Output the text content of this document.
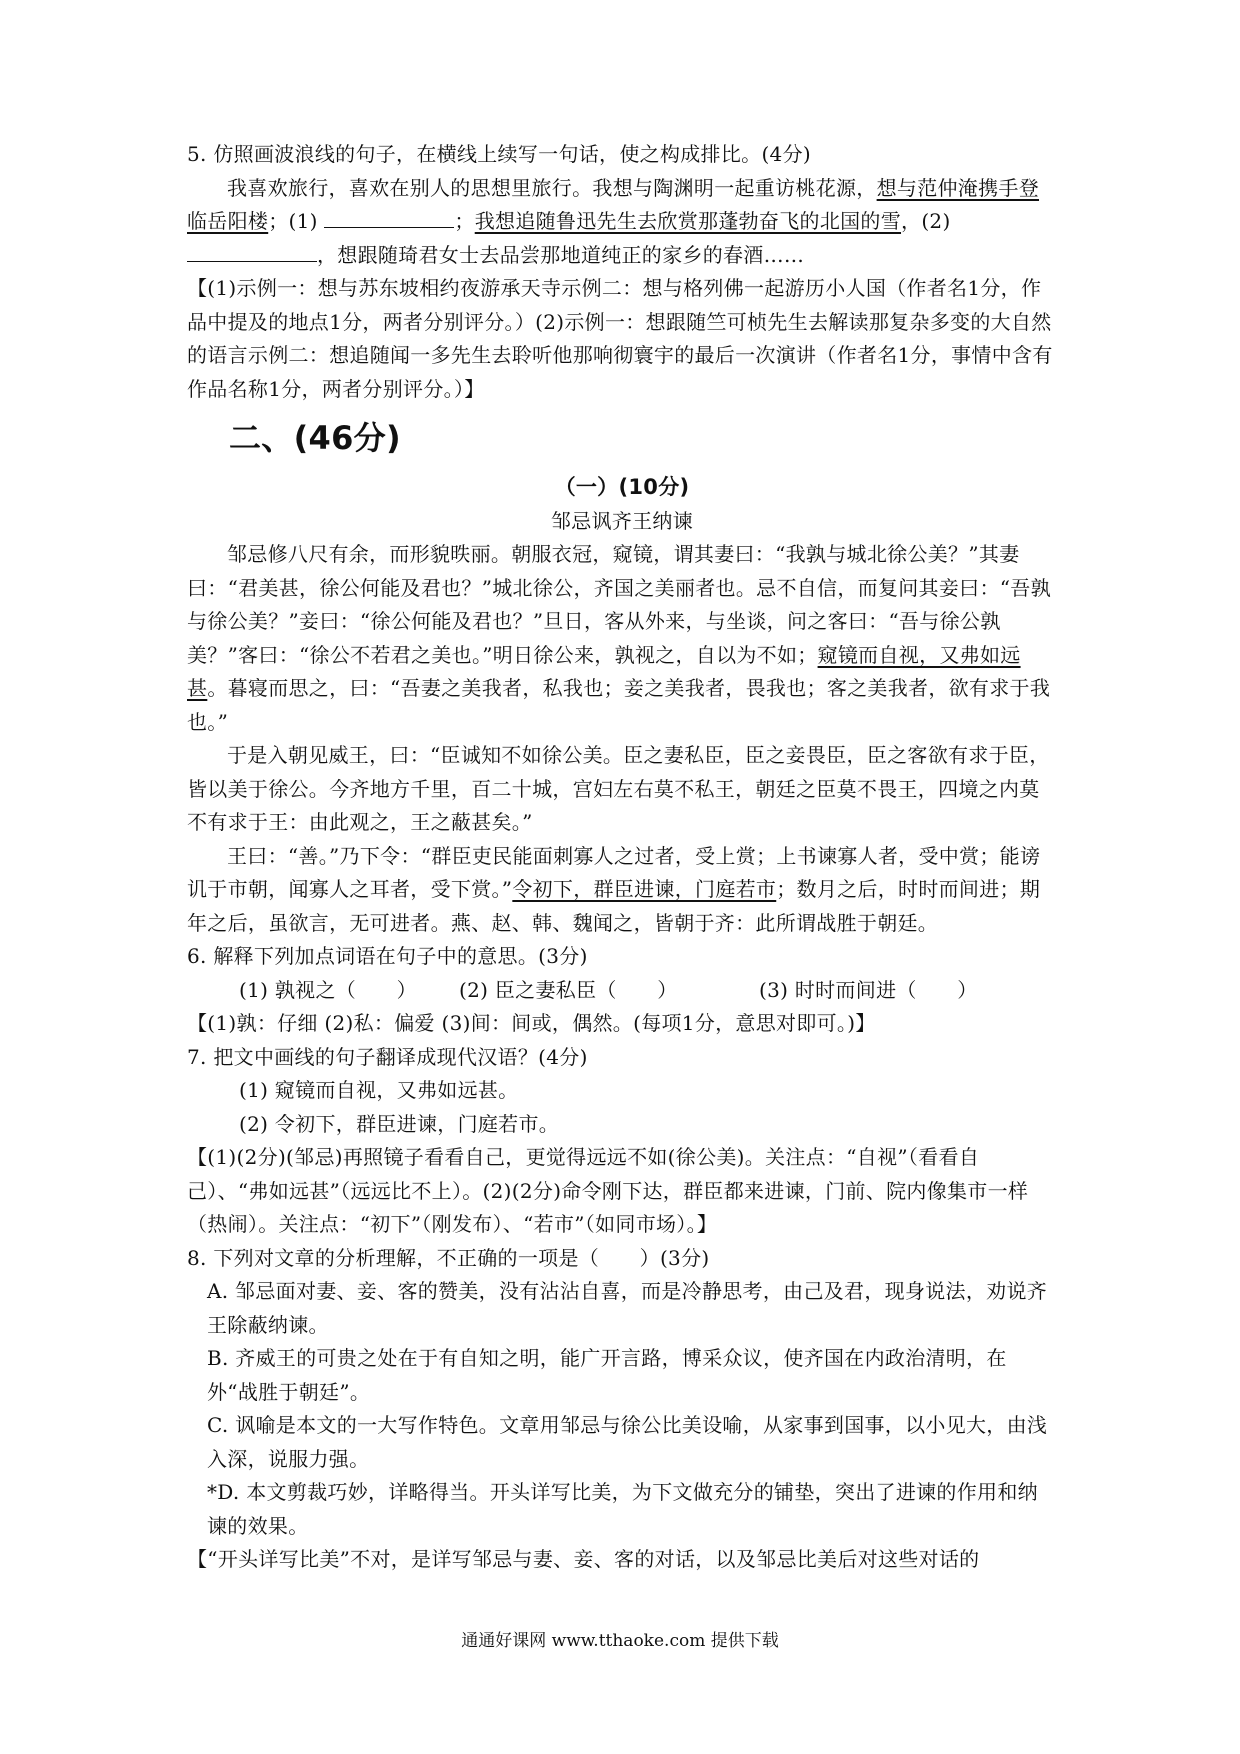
5. 仿照画波浪线的句子，在横线上续写一句话，使之构成排比。(4分)

我喜欢旅行，喜欢在别人的思想里旅行。我想与陶渊明一起重访桃花源，想与范仲淹携手登临岳阳楼；(1)	；我想追随鲁迅先生去欣赏那蓬勃奋飞的北国的雪，(2)
，想跟随琦君女士去品尝那地道纯正的家乡的春酒……

【(1)示例一：想与苏东坡相约夜游承天寺示例二：想与格列佛一起游历小人国（作者名1分，作品中提及的地点1分，两者分别评分。）(2)示例一：想跟随竺可桢先生去解读那复杂多变的大自然的语言示例二：想追随闻一多先生去聆听他那响彻寰宇的最后一次演讲（作者名1分，事情中含有作品名称1分，两者分别评分。）】

二、(46分)
（一）(10分)
邹忌讽齐王纳谏

邹忌修八尺有余，而形貌昳丽。朝服衣冠，窥镜，谓其妻曰：“我孰与城北徐公美？”其妻曰：“君美甚，徐公何能及君也？”城北徐公，齐国之美丽者也。忌不自信，而复问其妾曰：“吾孰与徐公美？”妾曰：“徐公何能及君也？”旦日，客从外来，与坐谈，问之客曰：“吾与徐公孰美？”客曰：“徐公不若君之美也。”明日徐公来，孰视之，自以为不如；窥镜而自视，又弗如远甚。暮寝而思之，曰：“吾妻之美我者，私我也；妾之美我者，畏我也；客之美我者，欲有求于我也。”

于是入朝见威王，曰：“臣诚知不如徐公美。臣之妻私臣，臣之妾畏臣，臣之客欲有求于臣，皆以美于徐公。今齐地方千里，百二十城，宫妇左右莫不私王，朝廷之臣莫不畏王，四境之内莫不有求于王：由此观之，王之蔽甚矣。”

王曰：“善。”乃下令：“群臣吏民能面刺寡人之过者，受上赏；上书谏寡人者，受中赏；能谤讥于市朝，闻寡人之耳者，受下赏。”令初下，群臣进谏，门庭若市；数月之后，时时而间进；期年之后，虽欲言，无可进者。燕、赵、韩、魏闻之，皆朝于齐：此所谓战胜于朝廷。

6. 解释下列加点词语在句子中的意思。(3分)

(1) 孰视之（　　）	(2) 臣之妻私臣（　　）	(3) 时时而间进（　　）

【(1)孰：仔细 (2)私：偏爱 (3)间：间或，偶然。(每项1分，意思对即可。)】

7. 把文中画线的句子翻译成现代汉语？(4分)

(1) 窥镜而自视，又弗如远甚。

(2) 令初下，群臣进谏，门庭若市。

【(1)(2分)(邹忌)再照镜子看看自己，更觉得远远不如(徐公美)。关注点：“自视”（看看自己）、“弗如远甚”（远远比不上）。(2)(2分)命令刚下达，群臣都来进谏，门前、院内像集市一样（热闹）。关注点：“初下”（刚发布）、“若市”（如同市场）。】

8. 下列对文章的分析理解，不正确的一项是（　　）(3分)

A. 邹忌面对妻、妾、客的赞美，没有沾沾自喜，而是冷静思考，由己及君，现身说法，劝说齐王除蔽纳谏。

B. 齐威王的可贵之处在于有自知之明，能广开言路，博采众议，使齐国在内政治清明，在外“战胜于朝廷”。

C. 讽喻是本文的一大写作特色。文章用邹忌与徐公比美设喻，从家事到国事，以小见大，由浅入深，说服力强。

*D. 本文剪裁巧妙，详略得当。开头详写比美，为下文做充分的铺垫，突出了进谏的作用和纳谏的效果。

【“开头详写比美”不对，是详写邹忌与妻、妾、客的对话，以及邹忌比美后对这些对话的

通通好课网 www.tthaoke.com 提供下载
